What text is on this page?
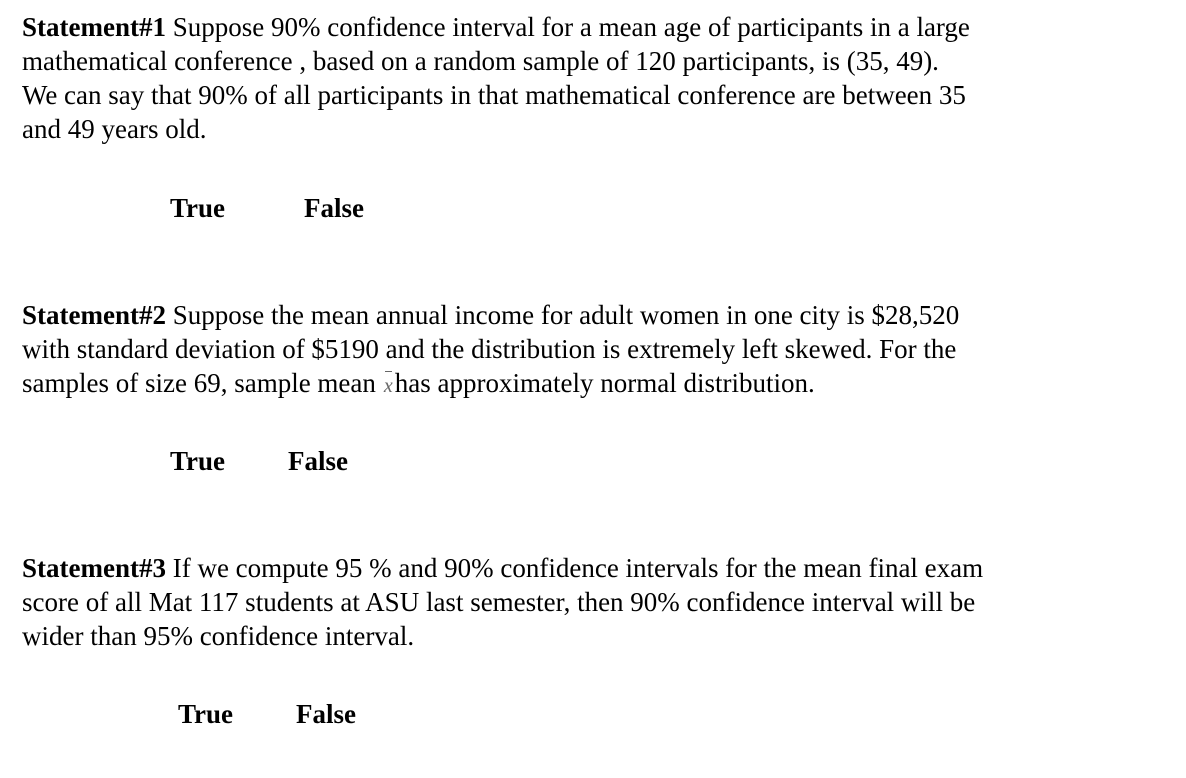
Statement#1 Suppose 90% confidence interval for a mean age of participants in a large
mathematical conference , based on a random sample of 120 participants, is (35, 49).
We can say that 90% of all participants in that mathematical conference are between 35
and 49 years old.
True	False
Statement#2 Suppose the mean annual income for adult women in one city is $28,520
with standard deviation of $5190 and the distribution is extremely left skewed. For the
samples of size 69, sample mean xhas approximately normal distribution.
True False
Statement#3 If we compute 95 % and 90% confidence intervals for the mean final exam
score of all Mat 117 students at ASU last semester, then 90% confidence interval will be
wider than 95% confidence interval.
True False
